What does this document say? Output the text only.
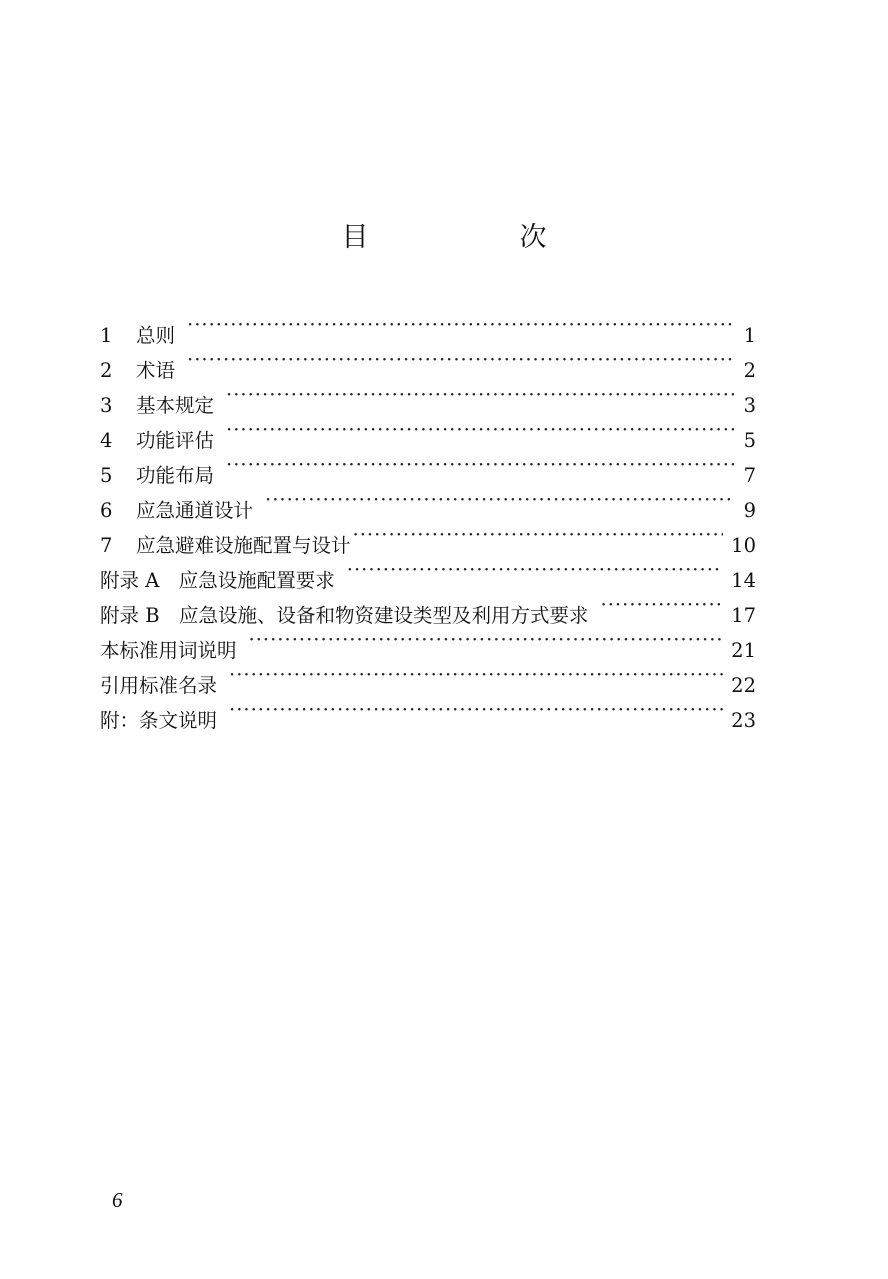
目　次
1	总则 ·····	1
2	术语 ·····	2
3	基本规定 ·····	3
4	功能评估 ·····	5
5	功能布局 ·····	7
6	应急通道设计 ·····	9
7	应急避难设施配置与设计 ·····	10
附录 A　应急设施配置要求 ·····	14
附录 B　应急设施、设备和物资建设类型及利用方式要求 ·····	17
本标准用词说明 ·····	21
引用标准名录 ·····	22
附：条文说明 ·····	23
6
